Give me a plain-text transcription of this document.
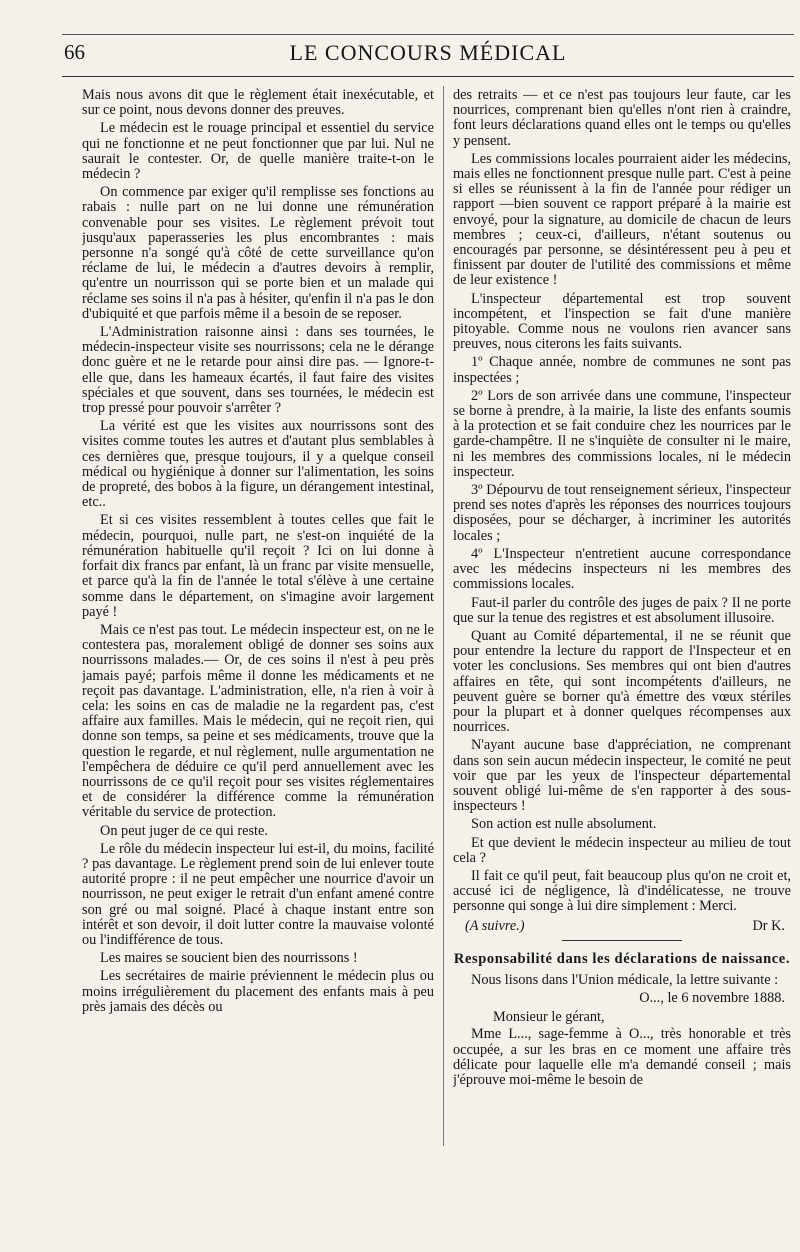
66	LE CONCOURS MÉDICAL

Mais nous avons dit que le règlement était inexécutable, et sur ce point, nous devons donner des preuves.

Le médecin est le rouage principal et essentiel du service qui ne fonctionne et ne peut fonctionner que par lui. Nul ne saurait le contester. Or, de quelle manière traite-t-on le médecin ?

On commence par exiger qu'il remplisse ses fonctions au rabais : nulle part on ne lui donne une rémunération convenable pour ses visites. Le règlement prévoit tout jusqu'aux paperasseries les plus encombrantes : mais personne n'a songé qu'à côté de cette surveillance qu'on réclame de lui, le médecin a d'autres devoirs à remplir, qu'entre un nourrisson qui se porte bien et un malade qui réclame ses soins il n'a pas à hésiter, qu'enfin il n'a pas le don d'ubiquité et que parfois même il a besoin de se reposer.

L'Administration raisonne ainsi : dans ses tournées, le médecin-inspecteur visite ses nourrissons; cela ne le dérange donc guère et ne le retarde pour ainsi dire pas. — Ignore-t-elle que, dans les hameaux écartés, il faut faire des visites spéciales et que souvent, dans ses tournées, le médecin est trop pressé pour pouvoir s'arrêter ?

La vérité est que les visites aux nourrissons sont des visites comme toutes les autres et d'autant plus semblables à ces dernières que, presque toujours, il y a quelque conseil médical ou hygiénique à donner sur l'alimentation, les soins de propreté, des bobos à la figure, un dérangement intestinal, etc..

Et si ces visites ressemblent à toutes celles que fait le médecin, pourquoi, nulle part, ne s'est-on inquiété de la rémunération habituelle qu'il reçoit ? Ici on lui donne à forfait dix francs par enfant, là un franc par visite mensuelle, et parce qu'à la fin de l'année le total s'élève à une certaine somme dans le département, on s'imagine avoir largement payé !

Mais ce n'est pas tout. Le médecin inspecteur est, on ne le contestera pas, moralement obligé de donner ses soins aux nourrissons malades.— Or, de ces soins il n'est à peu près jamais payé; parfois même il donne les médicaments et ne reçoit pas davantage. L'administration, elle, n'a rien à voir à cela: les soins en cas de maladie ne la regardent pas, c'est affaire aux familles. Mais le médecin, qui ne reçoit rien, qui donne son temps, sa peine et ses médicaments, trouve que la question le regarde, et nul règlement, nulle argumentation ne l'empêchera de déduire ce qu'il perd annuellement avec les nourrissons de ce qu'il reçoit pour ses visites réglementaires et de considérer la différence comme la rémunération véritable du service de protection.

On peut juger de ce qui reste.

Le rôle du médecin inspecteur lui est-il, du moins, facilité ? pas davantage. Le règlement prend soin de lui enlever toute autorité propre : il ne peut empêcher une nourrice d'avoir un nourrisson, ne peut exiger le retrait d'un enfant amené contre son gré ou mal soigné. Placé à chaque instant entre son intérêt et son devoir, il doit lutter contre la mauvaise volonté ou l'indifférence de tous.

Les maires se soucient bien des nourrissons !

Les secrétaires de mairie préviennent le médecin plus ou moins irrégulièrement du placement des enfants mais à peu près jamais des décès ou

des retraits — et ce n'est pas toujours leur faute, car les nourrices, comprenant bien qu'elles n'ont rien à craindre, font leurs déclarations quand elles ont le temps ou qu'elles y pensent.

Les commissions locales pourraient aider les médecins, mais elles ne fonctionnent presque nulle part. C'est à peine si elles se réunissent à la fin de l'année pour rédiger un rapport —bien souvent ce rapport préparé à la mairie est envoyé, pour la signature, au domicile de chacun de leurs membres ; ceux-ci, d'ailleurs, n'étant soutenus ou encouragés par personne, se désintéressent peu à peu et finissent par douter de l'utilité des commissions et même de leur existence !

L'inspecteur départemental est trop souvent incompétent, et l'inspection se fait d'une manière pitoyable. Comme nous ne voulons rien avancer sans preuves, nous citerons les faits suivants.

1º Chaque année, nombre de communes ne sont pas inspectées ;

2º Lors de son arrivée dans une commune, l'inspecteur se borne à prendre, à la mairie, la liste des enfants soumis à la protection et se fait conduire chez les nourrices par le garde-champêtre. Il ne s'inquiète de consulter ni le maire, ni les membres des commissions locales, ni le médecin inspecteur.

3º Dépourvu de tout renseignement sérieux, l'inspecteur prend ses notes d'après les réponses des nourrices toujours disposées, pour se décharger, à incriminer les autorités locales ;

4º L'Inspecteur n'entretient aucune correspondance avec les médecins inspecteurs ni les membres des commissions locales.

Faut-il parler du contrôle des juges de paix ? Il ne porte que sur la tenue des registres et est absolument illusoire.

Quant au Comité départemental, il ne se réunit que pour entendre la lecture du rapport de l'Inspecteur et en voter les conclusions. Ses membres qui ont bien d'autres affaires en tête, qui sont incompétents d'ailleurs, ne peuvent guère se borner qu'à émettre des vœux stériles pour la plupart et à donner quelques récompenses aux nourrices.

N'ayant aucune base d'appréciation, ne comprenant dans son sein aucun médecin inspecteur, le comité ne peut voir que par les yeux de l'inspecteur départemental souvent obligé lui-même de s'en rapporter à des sous-inspecteurs !

Son action est nulle absolument.

Et que devient le médecin inspecteur au milieu de tout cela ?

Il fait ce qu'il peut, fait beaucoup plus qu'on ne croit et, accusé ici de négligence, là d'indélicatesse, ne trouve personne qui songe à lui dire simplement : Merci.

(A suivre.)	Dr K.
Responsabilité dans les déclarations de naissance.

Nous lisons dans l'Union médicale, la lettre suivante :

O..., le 6 novembre 1888.
Monsieur le gérant,

Mme L..., sage-femme à O..., très honorable et très occupée, a sur les bras en ce moment une affaire très délicate pour laquelle elle m'a demandé conseil ; mais j'éprouve moi-même le besoin de
